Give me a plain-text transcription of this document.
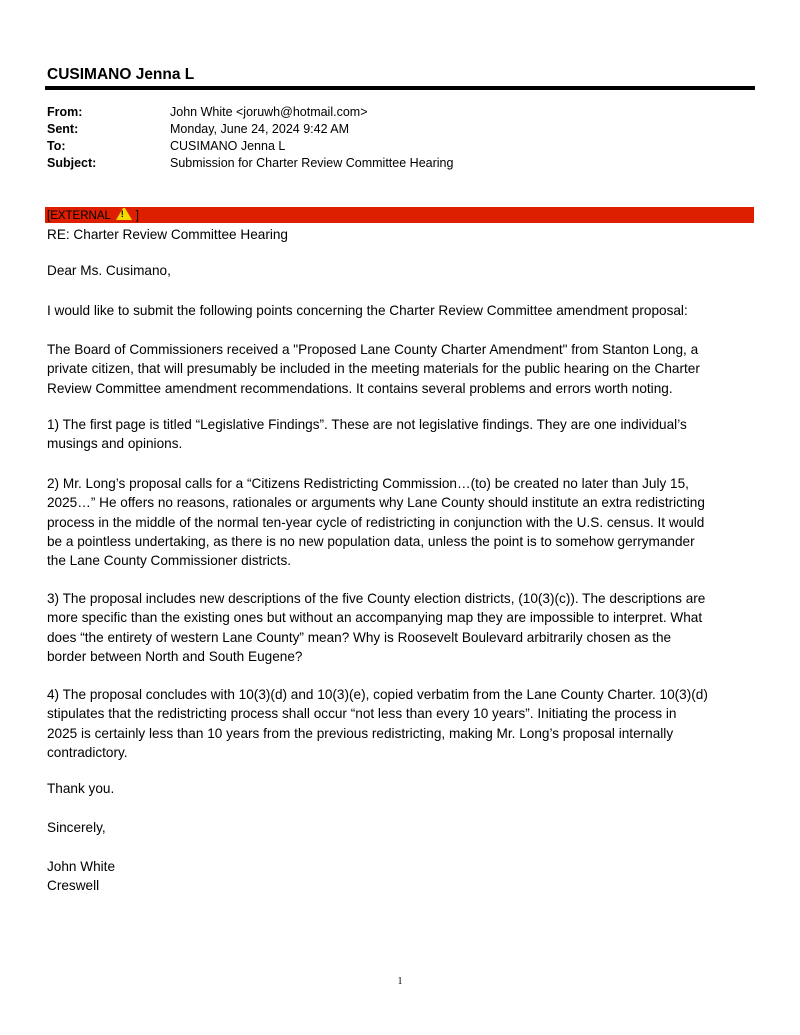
CUSIMANO Jenna L
From:	John White <joruwh@hotmail.com>
Sent:	Monday, June 24, 2024 9:42 AM
To:	CUSIMANO Jenna L
Subject:	Submission for Charter Review Committee Hearing
[EXTERNAL ! ]
RE: Charter Review Committee Hearing
Dear Ms. Cusimano,
I would like to submit the following points concerning the Charter Review Committee amendment proposal:
The Board of Commissioners received a "Proposed Lane County Charter Amendment" from Stanton Long, a
private citizen, that will presumably be included in the meeting materials for the public hearing on the Charter
Review Committee amendment recommendations. It contains several problems and errors worth noting.
1) The first page is titled “Legislative Findings”. These are not legislative findings. They are one individual’s
musings and opinions.
2) Mr. Long’s proposal calls for a “Citizens Redistricting Commission…(to) be created no later than July 15,
2025…” He offers no reasons, rationales or arguments why Lane County should institute an extra redistricting
process in the middle of the normal ten-year cycle of redistricting in conjunction with the U.S. census. It would
be a pointless undertaking, as there is no new population data, unless the point is to somehow gerrymander
the Lane County Commissioner districts.
3) The proposal includes new descriptions of the five County election districts, (10(3)(c)). The descriptions are
more specific than the existing ones but without an accompanying map they are impossible to interpret. What
does “the entirety of western Lane County” mean? Why is Roosevelt Boulevard arbitrarily chosen as the
border between North and South Eugene?
4) The proposal concludes with 10(3)(d) and 10(3)(e), copied verbatim from the Lane County Charter. 10(3)(d)
stipulates that the redistricting process shall occur “not less than every 10 years”. Initiating the process in
2025 is certainly less than 10 years from the previous redistricting, making Mr. Long’s proposal internally
contradictory.
Thank you.
Sincerely,
John White
Creswell
1
